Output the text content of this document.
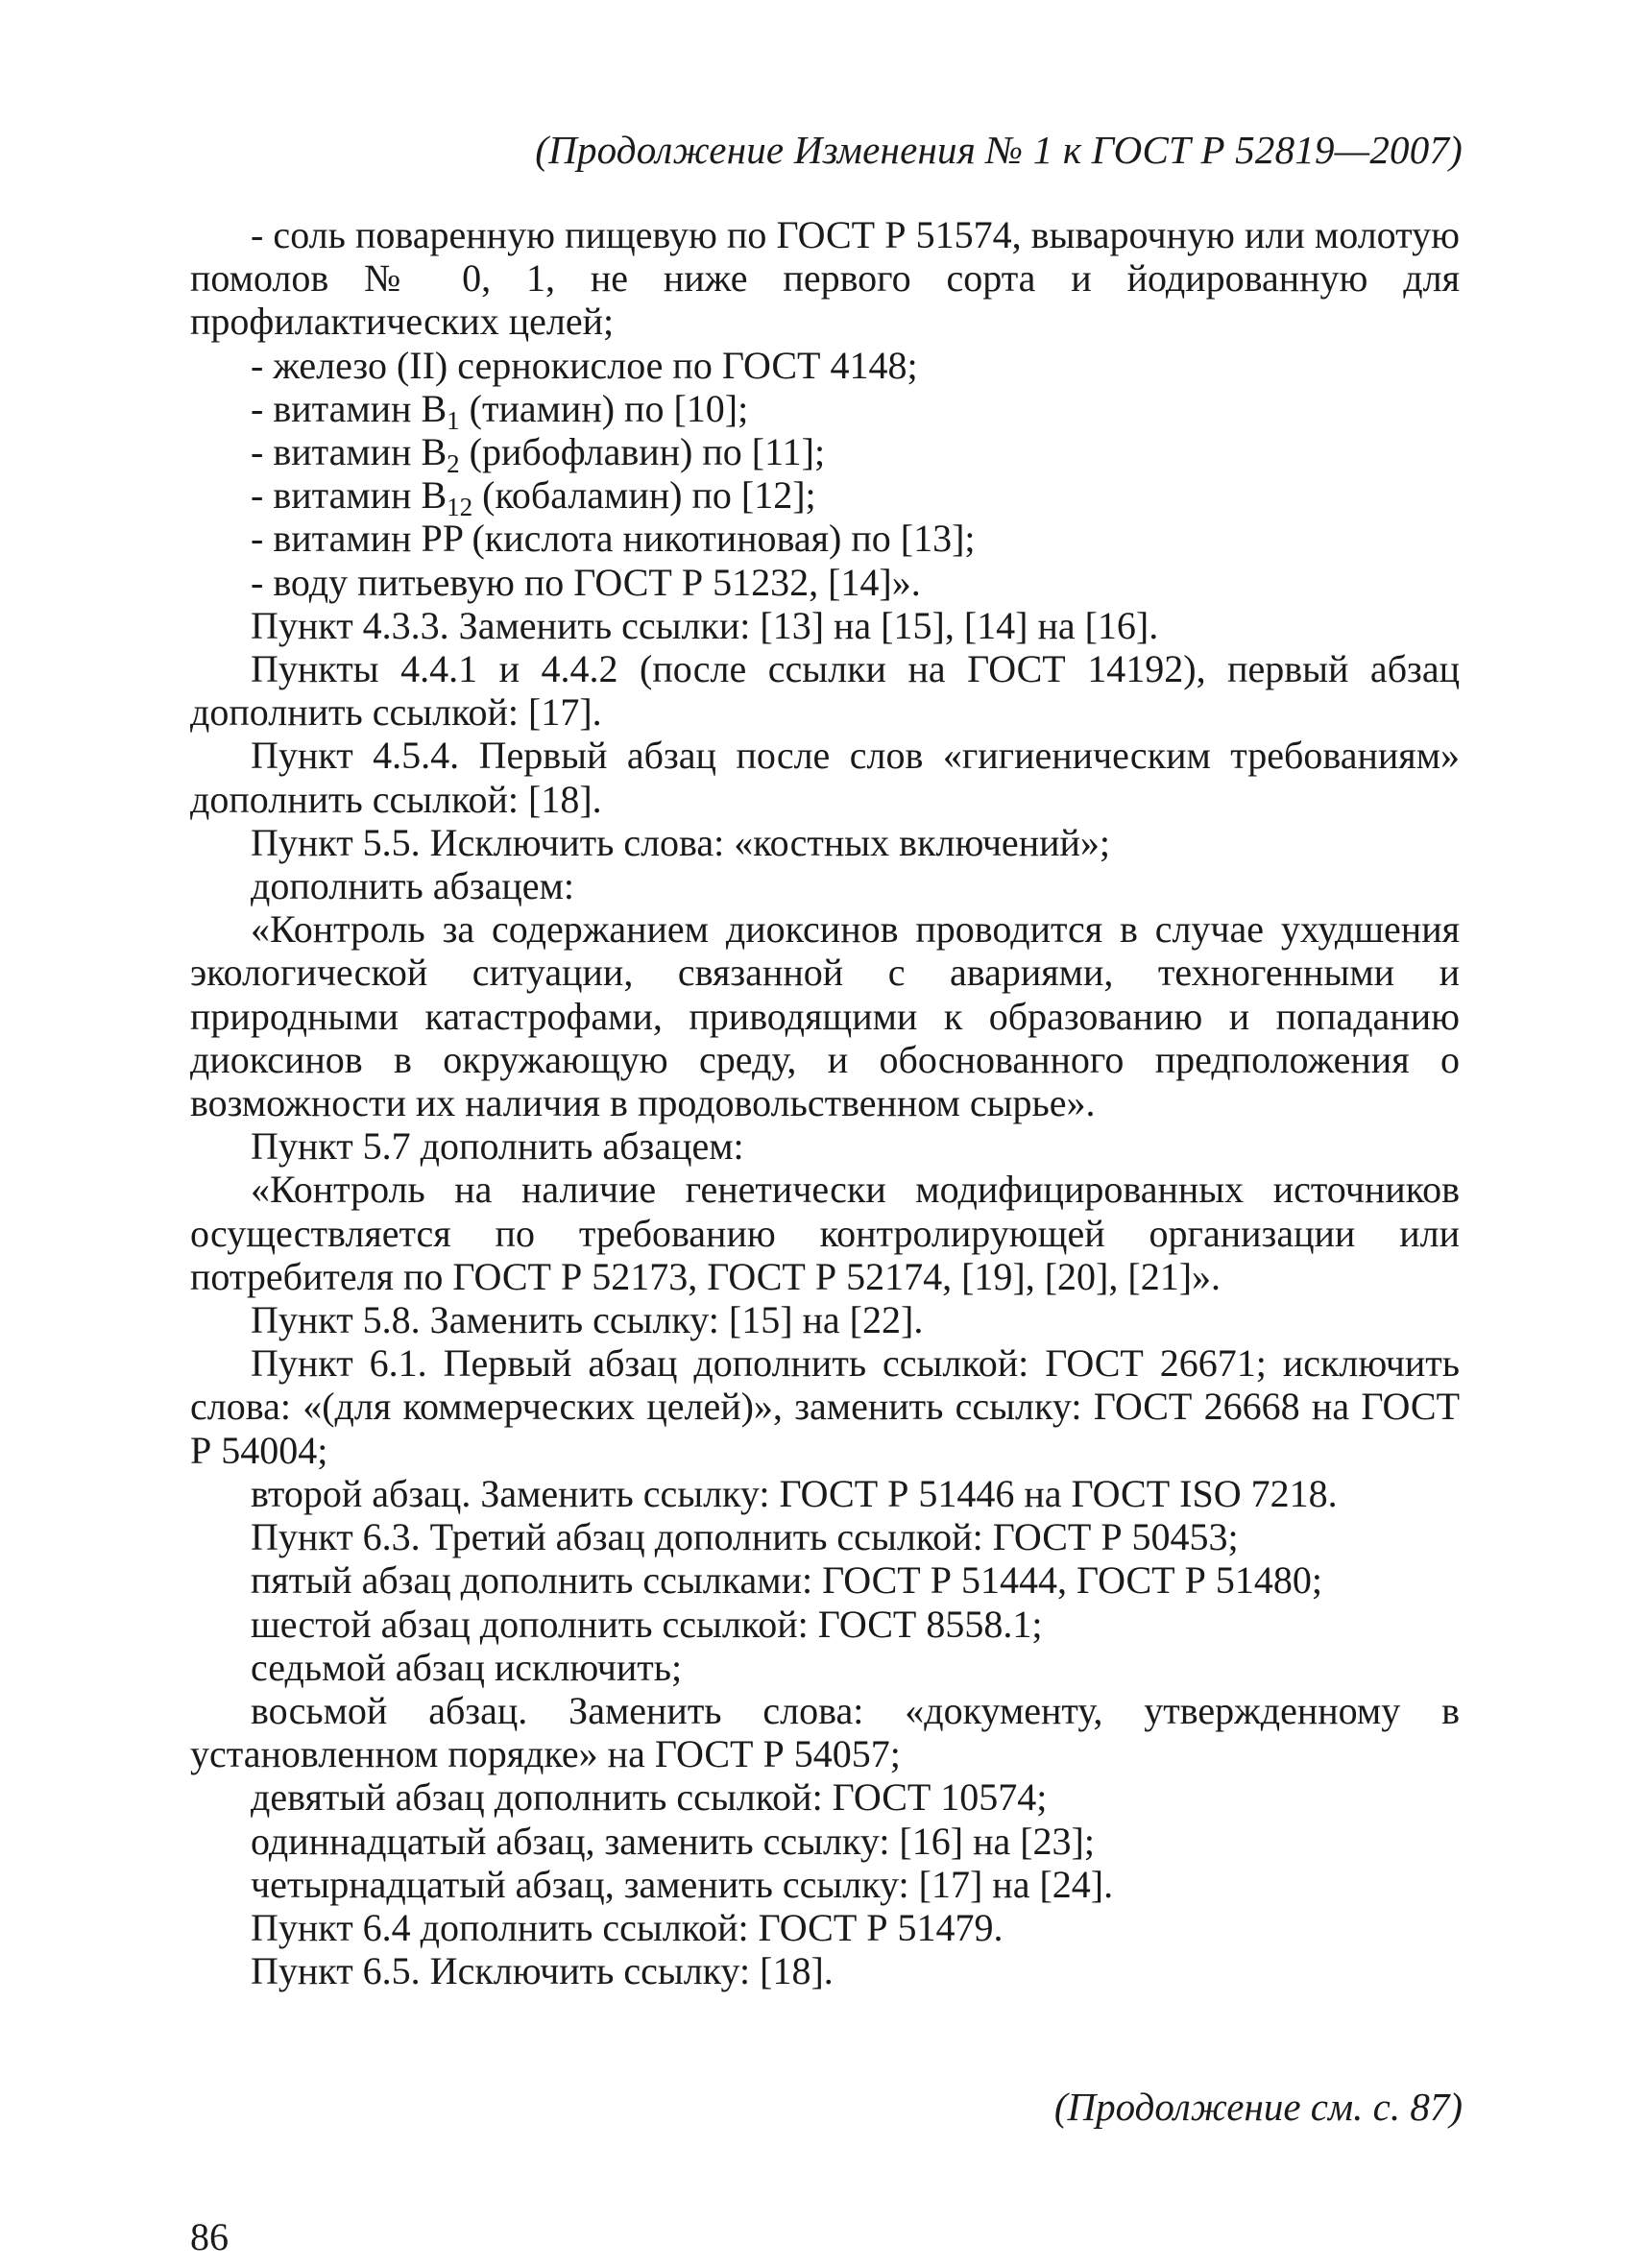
(Продолжение Изменения № 1 к ГОСТ Р 52819—2007)

- соль поваренную пищевую по ГОСТ Р 51574, выварочную или молотую помолов № 0, 1, не ниже первого сорта и йодированную для профилактических целей;

- железо (II) сернокислое по ГОСТ 4148;

- витамин $В_1$ (тиамин) по [10];

- витамин $В_2$ (рибофлавин) по [11];

- витамин $В_{12}$ (кобаламин) по [12];

- витамин PP (кислота никотиновая) по [13];

- воду питьевую по ГОСТ Р 51232, [14]».

Пункт 4.3.3. Заменить ссылки: [13] на [15], [14] на [16].

Пункты 4.4.1 и 4.4.2 (после ссылки на ГОСТ 14192), первый абзац дополнить ссылкой: [17].

Пункт 4.5.4. Первый абзац после слов «гигиеническим требованиям» дополнить ссылкой: [18].

Пункт 5.5. Исключить слова: «костных включений»;

дополнить абзацем:

«Контроль за содержанием диоксинов проводится в случае ухудшения экологической ситуации, связанной с авариями, техногенными и природными катастрофами, приводящими к образованию и попаданию диоксинов в окружающую среду, и обоснованного предположения о возможности их наличия в продовольственном сырье».

Пункт 5.7 дополнить абзацем:

«Контроль на наличие генетически модифицированных источников осуществляется по требованию контролирующей организации или потребителя по ГОСТ Р 52173, ГОСТ Р 52174, [19], [20], [21]».

Пункт 5.8. Заменить ссылку: [15] на [22].

Пункт 6.1. Первый абзац дополнить ссылкой: ГОСТ 26671; исключить слова: «(для коммерческих целей)», заменить ссылку: ГОСТ 26668 на ГОСТ Р 54004;

второй абзац. Заменить ссылку: ГОСТ Р 51446 на ГОСТ ISO 7218.

Пункт 6.3. Третий абзац дополнить ссылкой: ГОСТ Р 50453;

пятый абзац дополнить ссылками: ГОСТ Р 51444, ГОСТ Р 51480;

шестой абзац дополнить ссылкой: ГОСТ 8558.1;

седьмой абзац исключить;

восьмой абзац. Заменить слова: «документу, утвержденному в установленном порядке» на ГОСТ Р 54057;

девятый абзац дополнить ссылкой: ГОСТ 10574;

одиннадцатый абзац, заменить ссылку: [16] на [23];

четырнадцатый абзац, заменить ссылку: [17] на [24].

Пункт 6.4 дополнить ссылкой: ГОСТ Р 51479.

Пункт 6.5. Исключить ссылку: [18].

(Продолжение см. с. 87)
86
